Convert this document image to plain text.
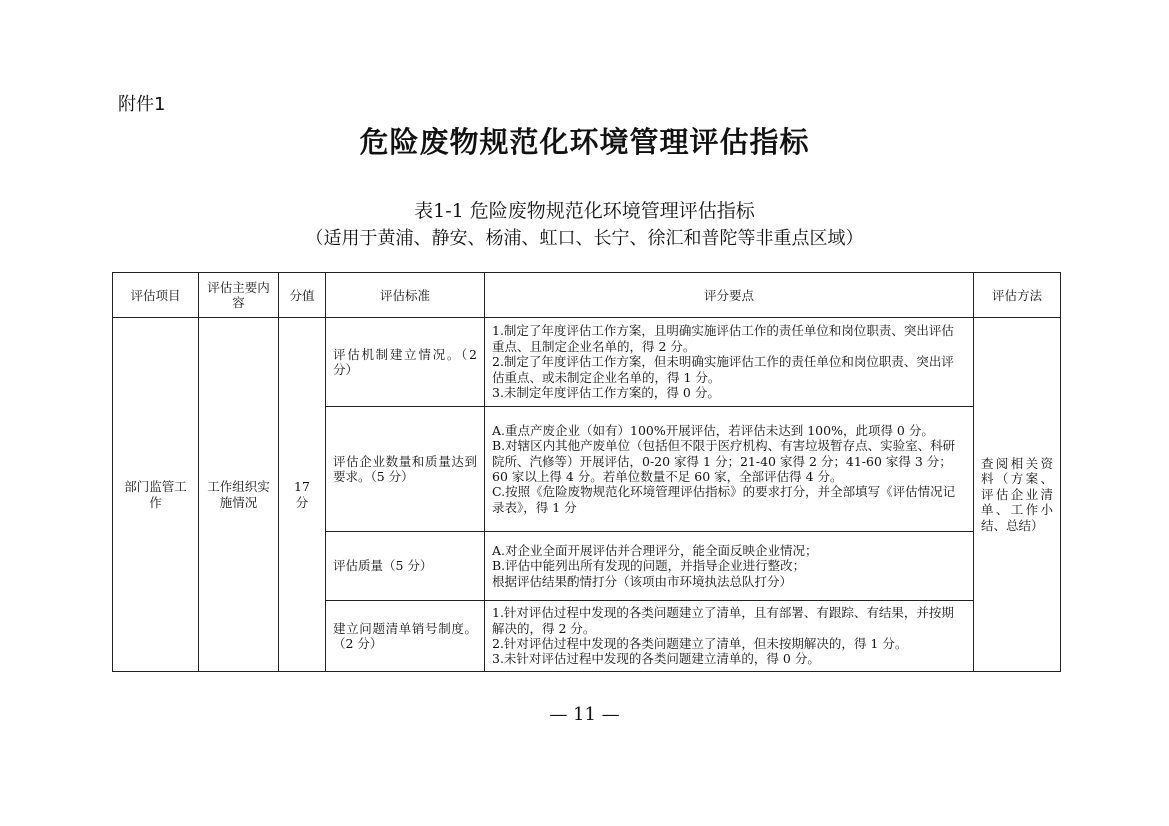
附件1
危险废物规范化环境管理评估指标
表1-1 危险废物规范化环境管理评估指标
（适用于黄浦、静安、杨浦、虹口、长宁、徐汇和普陀等非重点区域）
评估项目	评估主要内容	分值	评估标准	评分要点	评估方法
部门监管工作	工作组织实施情况	17 分	评估机制建立情况。（2 分）	1.制定了年度评估工作方案，且明确实施评估工作的责任单位和岗位职责、突出评估重点、且制定企业名单的，得 2 分。
2.制定了年度评估工作方案，但未明确实施评估工作的责任单位和岗位职责、突出评估重点、或未制定企业名单的，得 1 分。
3.未制定年度评估工作方案的，得 0 分。	查阅相关资料（方案、评估企业清单、工作小结、总结）
			评估企业数量和质量达到要求。（5 分）	A.重点产废企业（如有）100%开展评估，若评估未达到 100%，此项得 0 分。
B.对辖区内其他产废单位（包括但不限于医疗机构、有害垃圾暂存点、实验室、科研院所、汽修等）开展评估，0-20 家得 1 分；21-40 家得 2 分；41-60 家得 3 分；60 家以上得 4 分。若单位数量不足 60 家，全部评估得 4 分。
C.按照《危险废物规范化环境管理评估指标》的要求打分，并全部填写《评估情况记录表》，得 1 分	

			评估质量（5 分）	A.对企业全面开展评估并合理评分，能全面反映企业情况；
B.评估中能列出所有发现的问题，并指导企业进行整改；
根据评估结果酌情打分（该项由市环境执法总队打分）	

			建立问题清单销号制度。（2 分）	1.针对评估过程中发现的各类问题建立了清单，且有部署、有跟踪、有结果，并按期解决的，得 2 分。
2.针对评估过程中发现的各类问题建立了清单，但未按期解决的，得 1 分。
3.未针对评估过程中发现的各类问题建立清单的，得 0 分。	
— 11 —
